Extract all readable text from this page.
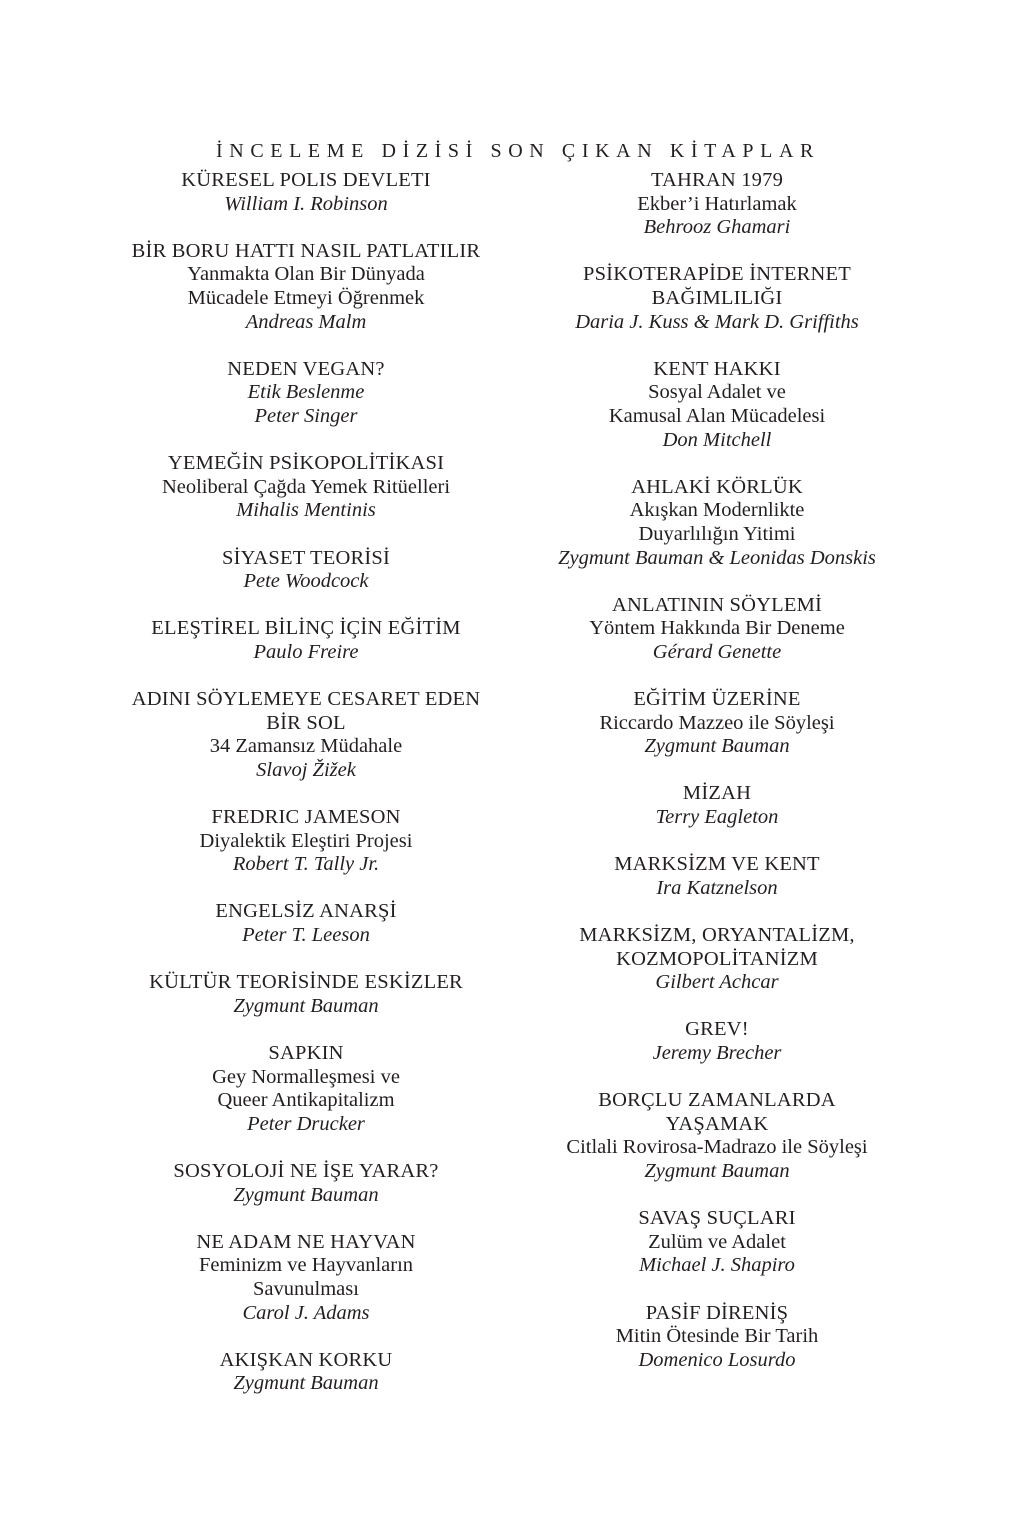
İNCELEME DİZİSİ SON ÇIKAN KİTAPLAR
KÜRESEL POLIS DEVLETI
William I. Robinson
BİR BORU HATTI NASIL PATLATILIR
Yanmakta Olan Bir Dünyada
Mücadele Etmeyi Öğrenmek
Andreas Malm
NEDEN VEGAN?
Etik Beslenme
Peter Singer
YEMEĞİN PSİKOPOLİTİKASI
Neoliberal Çağda Yemek Ritüelleri
Mihalis Mentinis
SİYASET TEORİSİ
Pete Woodcock
ELEŞTİREL BİLİNÇ İÇİN EĞİTİM
Paulo Freire
ADINI SÖYLEMEYE CESARET EDEN
BİR SOL
34 Zamansız Müdahale
Slavoj Žižek
FREDRIC JAMESON
Diyalektik Eleştiri Projesi
Robert T. Tally Jr.
ENGELSİZ ANARŞİ
Peter T. Leeson
KÜLTÜR TEORİSİNDE ESKİZLER
Zygmunt Bauman
SAPKIN
Gey Normalleşmesi ve
Queer Antikapitalizm
Peter Drucker
SOSYOLOJİ NE İŞE YARAR?
Zygmunt Bauman
NE ADAM NE HAYVAN
Feminizm ve Hayvanların
Savunulması
Carol J. Adams
AKIŞKAN KORKU
Zygmunt Bauman
TAHRAN 1979
Ekber’i Hatırlamak
Behrooz Ghamari
PSİKOTERAPİDE İNTERNET
BAĞIMLILIĞI
Daria J. Kuss & Mark D. Griffiths
KENT HAKKI
Sosyal Adalet ve
Kamusal Alan Mücadelesi
Don Mitchell
AHLAKİ KÖRLÜK
Akışkan Modernlikte
Duyarlılığın Yitimi
Zygmunt Bauman & Leonidas Donskis
ANLATININ SÖYLEMİ
Yöntem Hakkında Bir Deneme
Gérard Genette
EĞİTİM ÜZERİNE
Riccardo Mazzeo ile Söyleşi
Zygmunt Bauman
MİZAH
Terry Eagleton
MARKSİZM VE KENT
Ira Katznelson
MARKSİZM, ORYANTALİZM,
KOZMOPOLİTANİZM
Gilbert Achcar
GREV!
Jeremy Brecher
BORÇLU ZAMANLARDA
YAŞAMAK
Citlali Rovirosa-Madrazo ile Söyleşi
Zygmunt Bauman
SAVAŞ SUÇLARI
Zulüm ve Adalet
Michael J. Shapiro
PASİF DİRENİŞ
Mitin Ötesinde Bir Tarih
Domenico Losurdo
